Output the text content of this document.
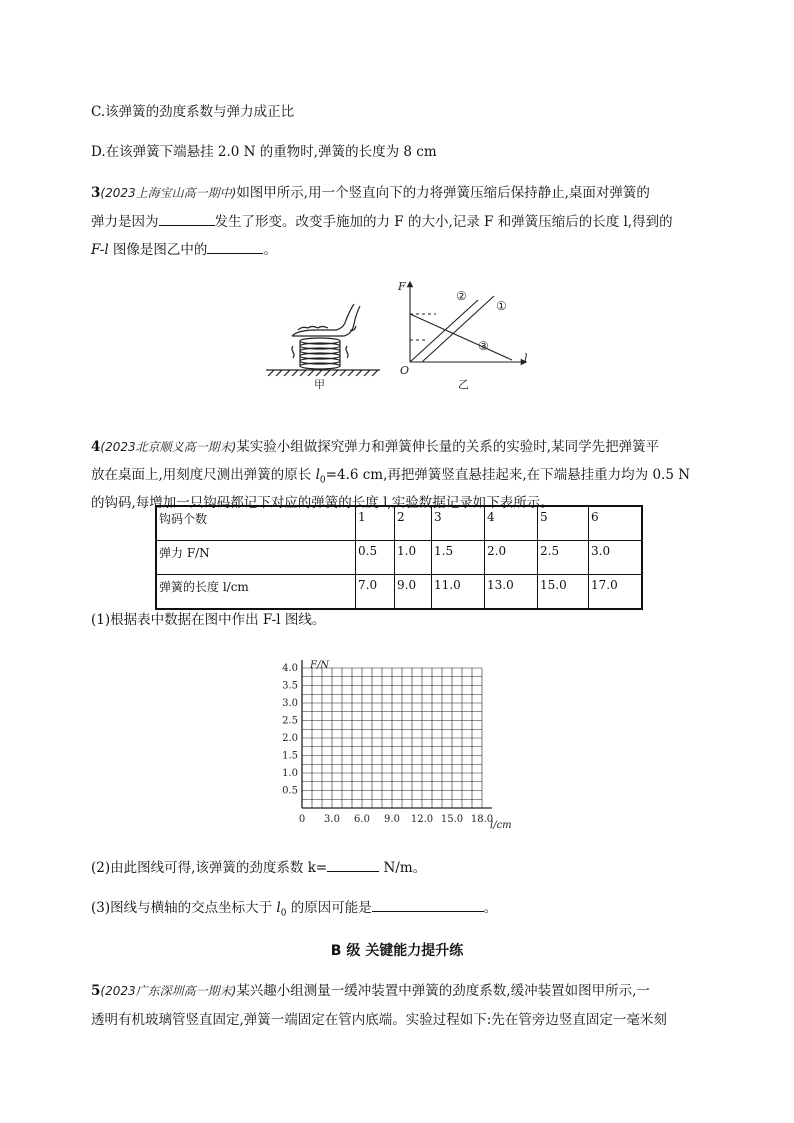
C.该弹簧的劲度系数与弹力成正比
D.在该弹簧下端悬挂 2.0 N 的重物时,弹簧的长度为 8 cm
3(2023上海宝山高一期中)如图甲所示,用一个竖直向下的力将弹簧压缩后保持静止,桌面对弹簧的
弹力是因为	发生了形变。改变手施加的力 F 的大小,记录 F 和弹簧压缩后的长度 l,得到的
F-l 图像是图乙中的	。
甲
F
l
O
②
①
③
乙
4(2023北京顺义高一期末)某实验小组做探究弹力和弹簧伸长量的关系的实验时,某同学先把弹簧平
放在桌面上,用刻度尺测出弹簧的原长 $l_0=4.6$ cm,再把弹簧竖直悬挂起来,在下端悬挂重力均为 0.5 N
的钩码,每增加一只钩码都记下对应的弹簧的长度 l,实验数据记录如下表所示。
钩码个数	1	2	3	4	5	6
弹力 F/N	0.5	1.0	1.5	2.0	2.5	3.0
弹簧的长度 l/cm	7.0	9.0	11.0	13.0	15.0	17.0
(1)根据表中数据在图中作出 F-l 图线。
4.0
3.5
3.0
2.5
2.0
1.5
1.0
0.5
0 3.0 6.0 9.0 12.0 15.0 18.0
F/N
l/cm
(2)由此图线可得,该弹簧的劲度系数 k=	N/m。
(3)图线与横轴的交点坐标大于 $l_0$ 的原因可能是	。
B 级 关键能力提升练
5(2023广东深圳高一期末)某兴趣小组测量一缓冲装置中弹簧的劲度系数,缓冲装置如图甲所示,一
透明有机玻璃管竖直固定,弹簧一端固定在管内底端。实验过程如下:先在管旁边竖直固定一毫米刻
